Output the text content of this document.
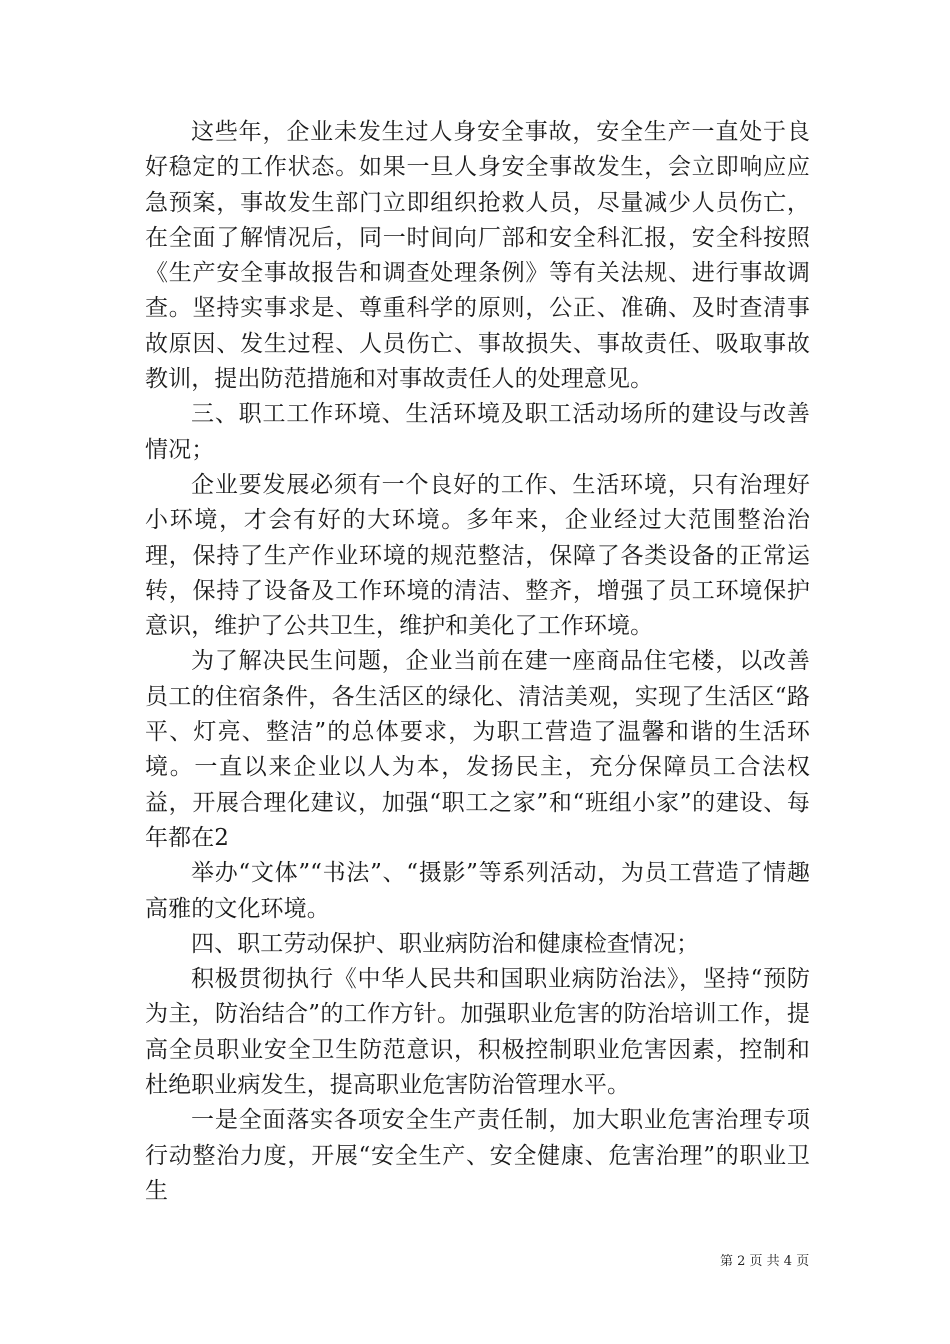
这些年，企业未发生过人身安全事故，安全生产一直处于良好稳定的工作状态。如果一旦人身安全事故发生，会立即响应应急预案，事故发生部门立即组织抢救人员，尽量减少人员伤亡，在全面了解情况后，同一时间向厂部和安全科汇报，安全科按照《生产安全事故报告和调查处理条例》等有关法规、进行事故调查。坚持实事求是、尊重科学的原则，公正、准确、及时查清事故原因、发生过程、人员伤亡、事故损失、事故责任、吸取事故教训，提出防范措施和对事故责任人的处理意见。

三、职工工作环境、生活环境及职工活动场所的建设与改善情况；

企业要发展必须有一个良好的工作、生活环境，只有治理好小环境，才会有好的大环境。多年来，企业经过大范围整治治理，保持了生产作业环境的规范整洁，保障了各类设备的正常运转，保持了设备及工作环境的清洁、整齐，增强了员工环境保护意识，维护了公共卫生，维护和美化了工作环境。

为了解决民生问题，企业当前在建一座商品住宅楼，以改善员工的住宿条件，各生活区的绿化、清洁美观，实现了生活区“路平、灯亮、整洁”的总体要求，为职工营造了温馨和谐的生活环境。一直以来企业以人为本，发扬民主，充分保障员工合法权益，开展合理化建议，加强“职工之家”和“班组小家”的建设、每年都在2

举办“文体”“书法”、“摄影”等系列活动，为员工营造了情趣高雅的文化环境。

四、职工劳动保护、职业病防治和健康检查情况；

积极贯彻执行《中华人民共和国职业病防治法》，坚持“预防为主，防治结合”的工作方针。加强职业危害的防治培训工作，提高全员职业安全卫生防范意识，积极控制职业危害因素，控制和杜绝职业病发生，提高职业危害防治管理水平。

一是全面落实各项安全生产责任制，加大职业危害治理专项行动整治力度，开展“安全生产、安全健康、危害治理”的职业卫生

第 2 页 共 4 页
